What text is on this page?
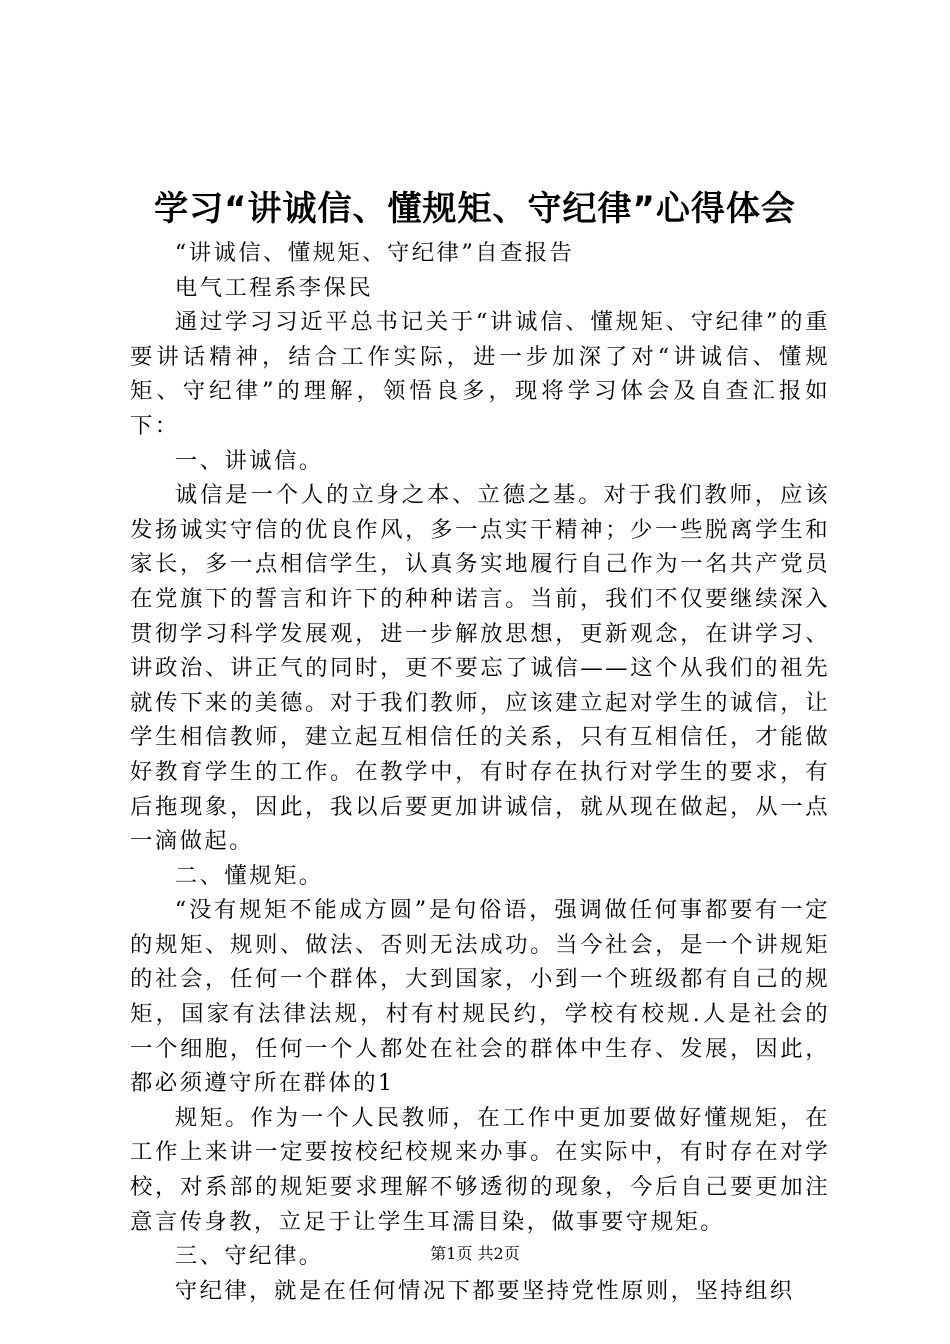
学习“讲诚信、懂规矩、守纪律”心得体会

“讲诚信、懂规矩、守纪律”自查报告

电气工程系李保民

通过学习习近平总书记关于“讲诚信、懂规矩、守纪律”的重要讲话精神，结合工作实际，进一步加深了对“讲诚信、懂规矩、守纪律”的理解，领悟良多，现将学习体会及自查汇报如下：

一、讲诚信。

诚信是一个人的立身之本、立德之基。对于我们教师，应该发扬诚实守信的优良作风，多一点实干精神；少一些脱离学生和家长，多一点相信学生，认真务实地履行自己作为一名共产党员在党旗下的誓言和许下的种种诺言。当前，我们不仅要继续深入贯彻学习科学发展观，进一步解放思想，更新观念，在讲学习、讲政治、讲正气的同时，更不要忘了诚信——这个从我们的祖先就传下来的美德。对于我们教师，应该建立起对学生的诚信，让学生相信教师，建立起互相信任的关系，只有互相信任，才能做好教育学生的工作。在教学中，有时存在执行对学生的要求，有后拖现象，因此，我以后要更加讲诚信，就从现在做起，从一点一滴做起。

二、懂规矩。

“没有规矩不能成方圆”是句俗语，强调做任何事都要有一定的规矩、规则、做法、否则无法成功。当今社会，是一个讲规矩的社会，任何一个群体，大到国家，小到一个班级都有自己的规矩，国家有法律法规，村有村规民约，学校有校规.人是社会的一个细胞，任何一个人都处在社会的群体中生存、发展，因此，都必须遵守所在群体的1

规矩。作为一个人民教师，在工作中更加要做好懂规矩，在工作上来讲一定要按校纪校规来办事。在实际中，有时存在对学校，对系部的规矩要求理解不够透彻的现象，今后自己要更加注意言传身教，立足于让学生耳濡目染，做事要守规矩。

三、守纪律。

守纪律，就是在任何情况下都要坚持党性原则，坚持组织

第1页 共2页
